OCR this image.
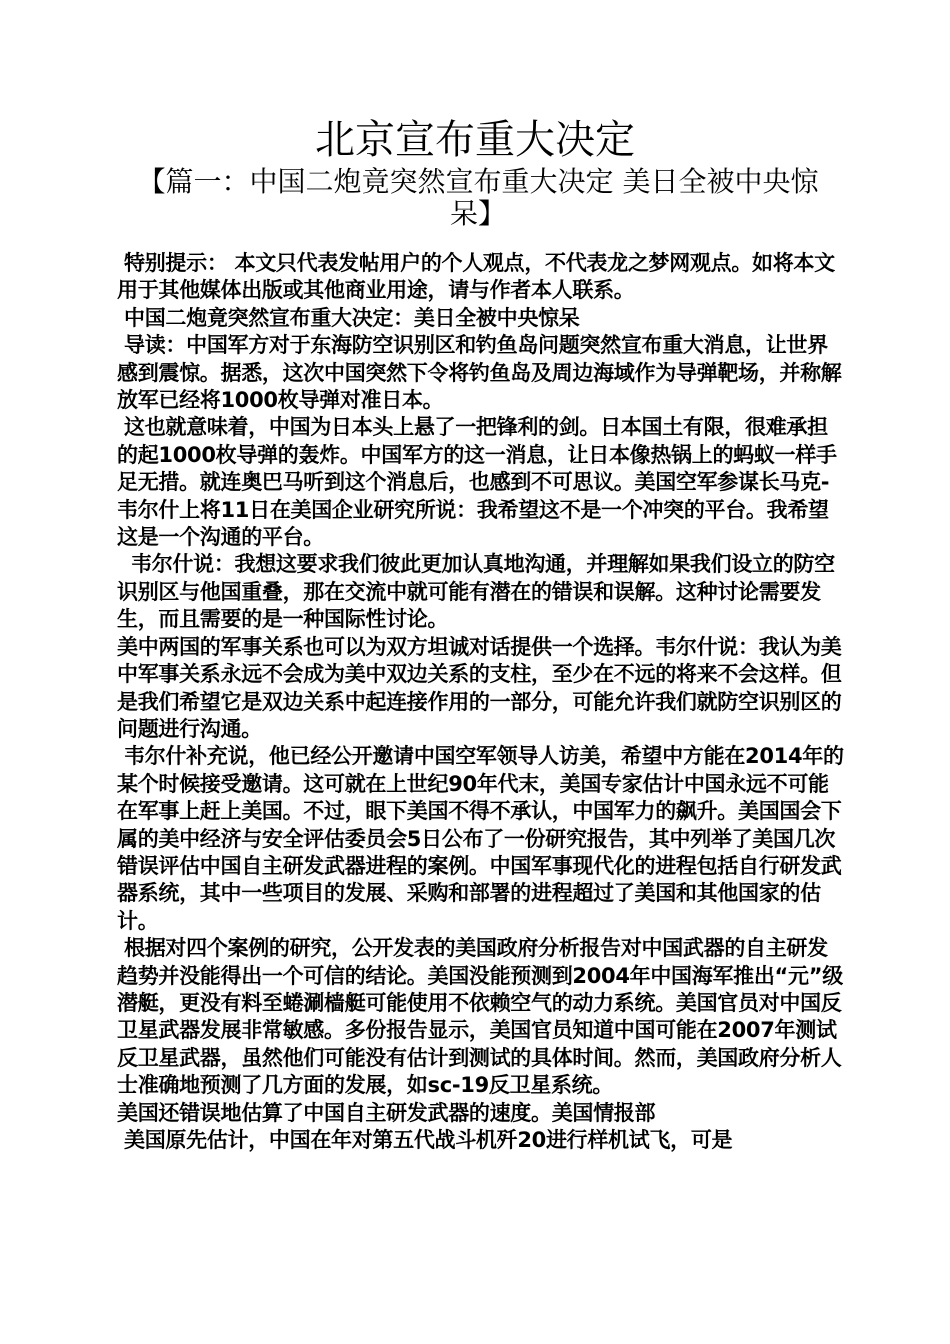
北京宣布重大决定
【篇一：中国二炮竟突然宣布重大决定 美日全被中央惊呆】

特别提示： 本文只代表发帖用户的个人观点，不代表龙之梦网观点。如将本文用于其他媒体出版或其他商业用途，请与作者本人联系。

中国二炮竟突然宣布重大决定：美日全被中央惊呆

导读：中国军方对于东海防空识别区和钓鱼岛问题突然宣布重大消息，让世界感到震惊。据悉，这次中国突然下令将钓鱼岛及周边海域作为导弹靶场，并称解放军已经将1000枚导弹对准日本。

这也就意味着，中国为日本头上悬了一把锋利的剑。日本国土有限，很难承担的起1000枚导弹的轰炸。中国军方的这一消息，让日本像热锅上的蚂蚁一样手足无措。就连奥巴马听到这个消息后，也感到不可思议。美国空军参谋长马克-韦尔什上将11日在美国企业研究所说：我希望这不是一个冲突的平台。我希望这是一个沟通的平台。

韦尔什说：我想这要求我们彼此更加认真地沟通，并理解如果我们设立的防空识别区与他国重叠，那在交流中就可能有潜在的错误和误解。这种讨论需要发生，而且需要的是一种国际性讨论。

美中两国的军事关系也可以为双方坦诚对话提供一个选择。韦尔什说：我认为美中军事关系永远不会成为美中双边关系的支柱，至少在不远的将来不会这样。但是我们希望它是双边关系中起连接作用的一部分，可能允许我们就防空识别区的问题进行沟通。

韦尔什补充说，他已经公开邀请中国空军领导人访美，希望中方能在2014年的某个时候接受邀请。这可就在上世纪90年代末，美国专家估计中国永远不可能在军事上赶上美国。不过，眼下美国不得不承认，中国军力的飙升。美国国会下属的美中经济与安全评估委员会5日公布了一份研究报告，其中列举了美国几次错误评估中国自主研发武器进程的案例。中国军事现代化的进程包括自行研发武器系统，其中一些项目的发展、采购和部署的进程超过了美国和其他国家的估计。

根据对四个案例的研究，公开发表的美国政府分析报告对中国武器的自主研发趋势并没能得出一个可信的结论。美国没能预测到2004年中国海军推出“元”级潜艇，更没有料至蜷涮樯艇可能使用不依赖空气的动力系统。美国官员对中国反卫星武器发展非常敏感。多份报告显示，美国官员知道中国可能在2007年测试反卫星武器，虽然他们可能没有估计到测试的具体时间。然而，美国政府分析人士准确地预测了几方面的发展，如sc-19反卫星系统。

美国还错误地估算了中国自主研发武器的速度。美国情报部

美国原先估计，中国在年对第五代战斗机歼20进行样机试飞，可是
